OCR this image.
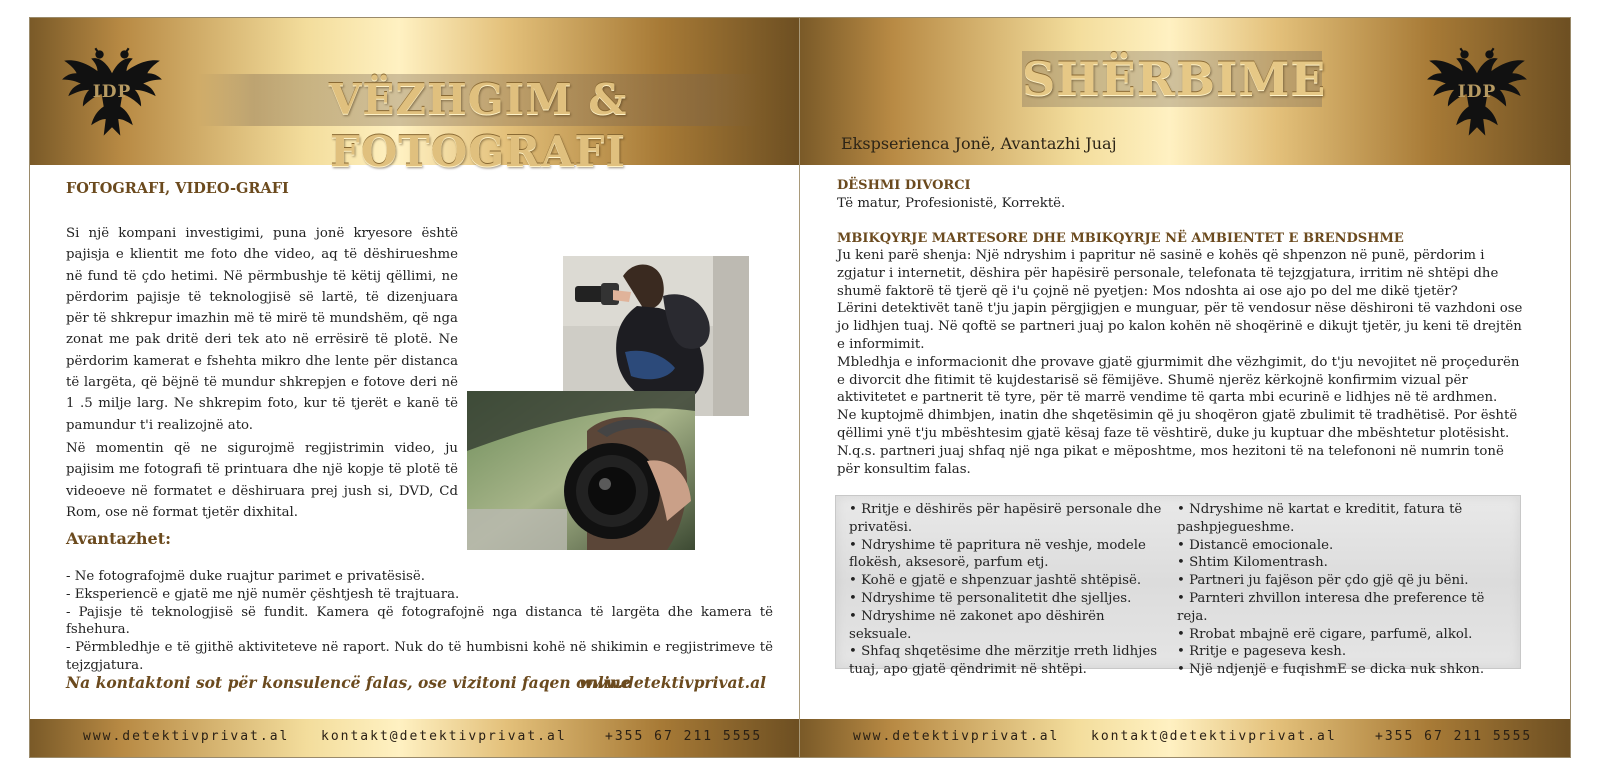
IDP	VËZHGIM & FOTOGRAFI
FOTOGRAFI, VIDEO-GRAFI
Si një kompani investigimi, puna jonë kryesore është pajisja e klientit me foto dhe video, aq të dëshirueshme në fund të çdo hetimi. Në përmbushje të këtij qëllimi, ne përdorim pajisje të teknologjisë së lartë, të dizenjuara për të shkrepur imazhin më të mirë të mundshëm, që nga zonat me pak dritë deri tek ato në errësirë të plotë. Ne përdorim kamerat e fshehta mikro dhe lente për distanca të largëta, që bëjnë të mundur shkrepjen e fotove deri në 1 .5 milje larg. Ne shkrepim foto, kur të tjerët e kanë të pamundur t'i realizojnë ato.
Në momentin që ne sigurojmë regjistrimin video, ju pajisim me fotografi të printuara dhe një kopje të plotë të videoeve në formatet e dëshiruara prej jush si, DVD, Cd Rom, ose në format tjetër dixhital.
Avantazhet:
- Ne fotografojmë duke ruajtur parimet e privatësisë.
- Eksperiencë e gjatë me një numër çështjesh të trajtuara.
- Pajisje të teknologjisë së fundit. Kamera që fotografojnë nga distanca të largëta dhe kamera të fshehura.
- Përmbledhje e të gjithë aktiviteteve në raport. Nuk do të humbisni kohë në shikimin e regjistrimeve të tejzgjatura.
Na kontaktoni sot për konsulencë falas, ose vizitoni faqen online
www.detektivprivat.al
www.detektivprivat.al kontakt@detektivprivat.al	+355 67 211 5555
SHËRBIME
Ekspserienca Jonë, Avantazhi Juaj
IDP
DËSHMI DIVORCI
Të matur, Profesionistë, Korrektë.
MBIKQYRJE MARTESORE DHE MBIKQYRJE NË AMBIENTET E BRENDSHME

Ju keni parë shenja: Një ndryshim i papritur në sasinë e kohës që shpenzon në punë, përdorim i zgjatur i internetit, dëshira për hapësirë personale, telefonata të tejzgjatura, irritim në shtëpi dhe shumë faktorë të tjerë që i'u çojnë në pyetjen: Mos ndoshta ai ose ajo po del me dikë tjetër?

Lërini detektivët tanë t'ju japin përgjigjen e munguar, për të vendosur nëse dëshironi të vazhdoni ose jo lidhjen tuaj. Në qoftë se partneri juaj po kalon kohën në shoqërinë e dikujt tjetër, ju keni të drejtën e informimit.

Mbledhja e informacionit dhe provave gjatë gjurmimit dhe vëzhgimit, do t'ju nevojitet në proçedurën e divorcit dhe fitimit të kujdestarisë së fëmijëve. Shumë njerëz kërkojnë konfirmim vizual për aktivitetet e partnerit të tyre, për të marrë vendime të qarta mbi ecurinë e lidhjes në të ardhmen.

Ne kuptojmë dhimbjen, inatin dhe shqetësimin që ju shoqëron gjatë zbulimit të tradhëtisë. Por është qëllimi ynë t'ju mbështesim gjatë kësaj faze të vështirë, duke ju kuptuar dhe mbështetur plotësisht. N.q.s. partneri juaj shfaq një nga pikat e mëposhtme, mos hezitoni të na telefononi në numrin tonë për konsultim falas.

• Rritje e dëshirës për hapësirë personale dhe privatësi.
• Ndryshime të papritura në veshje, modele flokësh, aksesorë, parfum etj.
• Kohë e gjatë e shpenzuar jashtë shtëpisë.
• Ndryshime të personalitetit dhe sjelljes.
• Ndryshime në zakonet apo dëshirën seksuale.
• Shfaq shqetësime dhe mërzitje rreth lidhjes tuaj, apo gjatë qëndrimit në shtëpi.
• Ndryshime në kartat e kreditit, fatura të pashpjegueshme.
• Distancë emocionale.
• Shtim Kilomentrash.
• Partneri ju fajëson për çdo gjë që ju bëni.
• Parnteri zhvillon interesa dhe preference të reja.
• Rrobat mbajnë erë cigare, parfumë, alkol.
• Rritje e pageseva kesh.
• Një ndjenjë e fuqishmE se dicka nuk shkon.
www.detektivprivat.al kontakt@detektivprivat.al	+355 67 211 5555
